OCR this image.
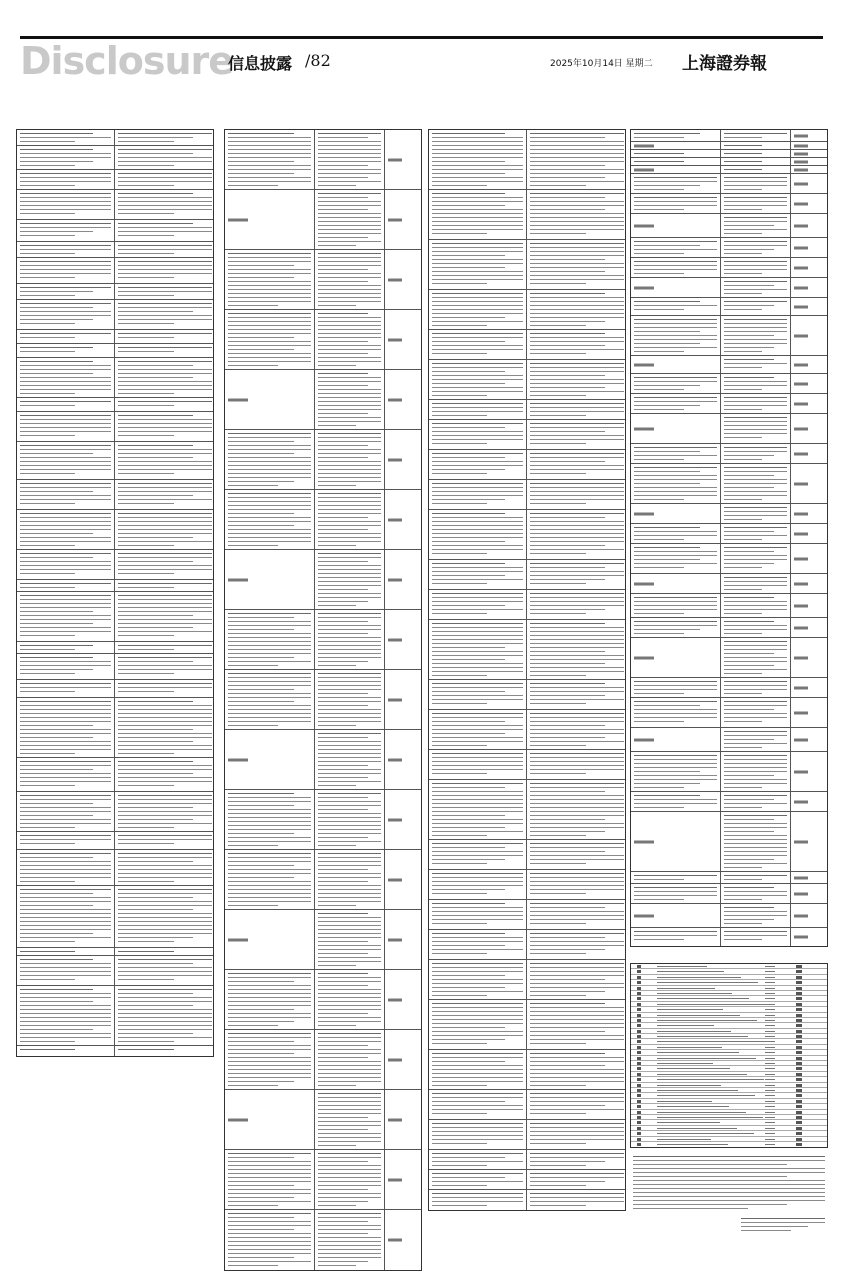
Disclosure
信息披露 /82	2025年10月14日 星期二 上海證券報
